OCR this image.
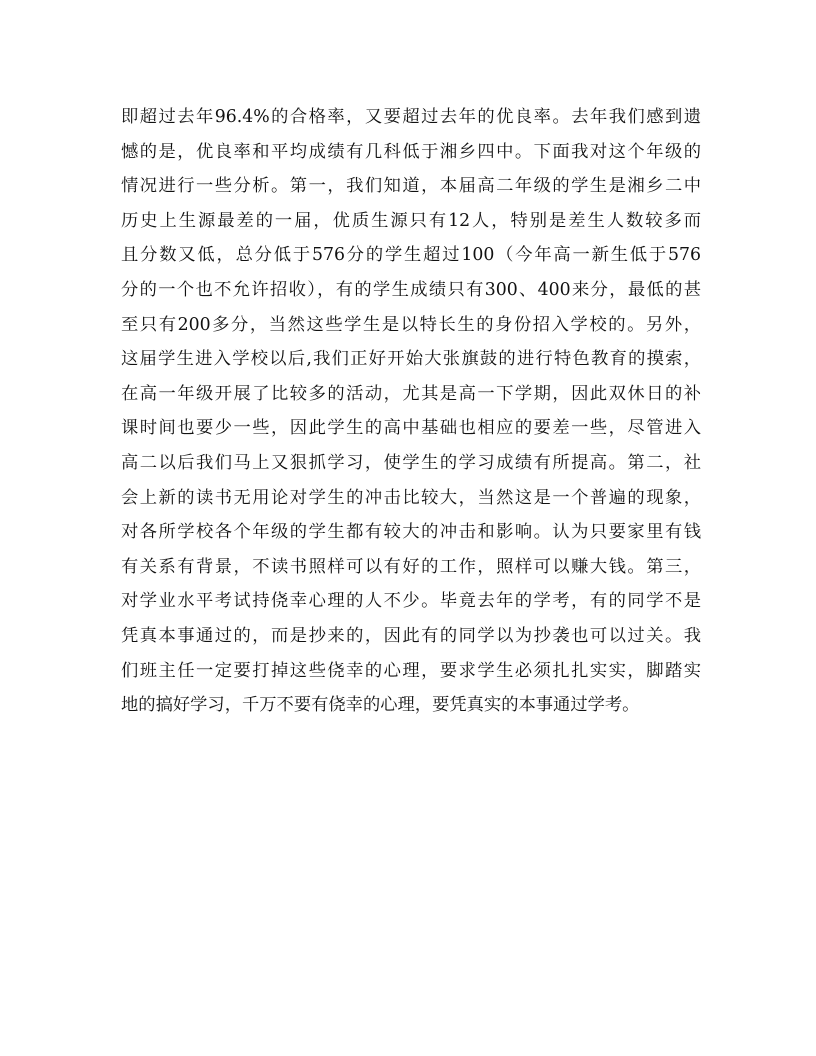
即超过去年96.4%的合格率，又要超过去年的优良率。去年我们感到遗
憾的是，优良率和平均成绩有几科低于湘乡四中。下面我对这个年级的
情况进行一些分析。第一，我们知道，本届高二年级的学生是湘乡二中
历史上生源最差的一届，优质生源只有12人，特别是差生人数较多而
且分数又低，总分低于576分的学生超过100（今年高一新生低于576
分的一个也不允许招收），有的学生成绩只有300、400来分，最低的甚
至只有200多分，当然这些学生是以特长生的身份招入学校的。另外，
这届学生进入学校以后,我们正好开始大张旗鼓的进行特色教育的摸索，
在高一年级开展了比较多的活动，尤其是高一下学期，因此双休日的补
课时间也要少一些，因此学生的高中基础也相应的要差一些，尽管进入
高二以后我们马上又狠抓学习，使学生的学习成绩有所提高。第二，社
会上新的读书无用论对学生的冲击比较大，当然这是一个普遍的现象，
对各所学校各个年级的学生都有较大的冲击和影响。认为只要家里有钱
有关系有背景，不读书照样可以有好的工作，照样可以赚大钱。第三，
对学业水平考试持侥幸心理的人不少。毕竟去年的学考，有的同学不是
凭真本事通过的，而是抄来的，因此有的同学以为抄袭也可以过关。我
们班主任一定要打掉这些侥幸的心理，要求学生必须扎扎实实，脚踏实
地的搞好学习，千万不要有侥幸的心理，要凭真实的本事通过学考。
